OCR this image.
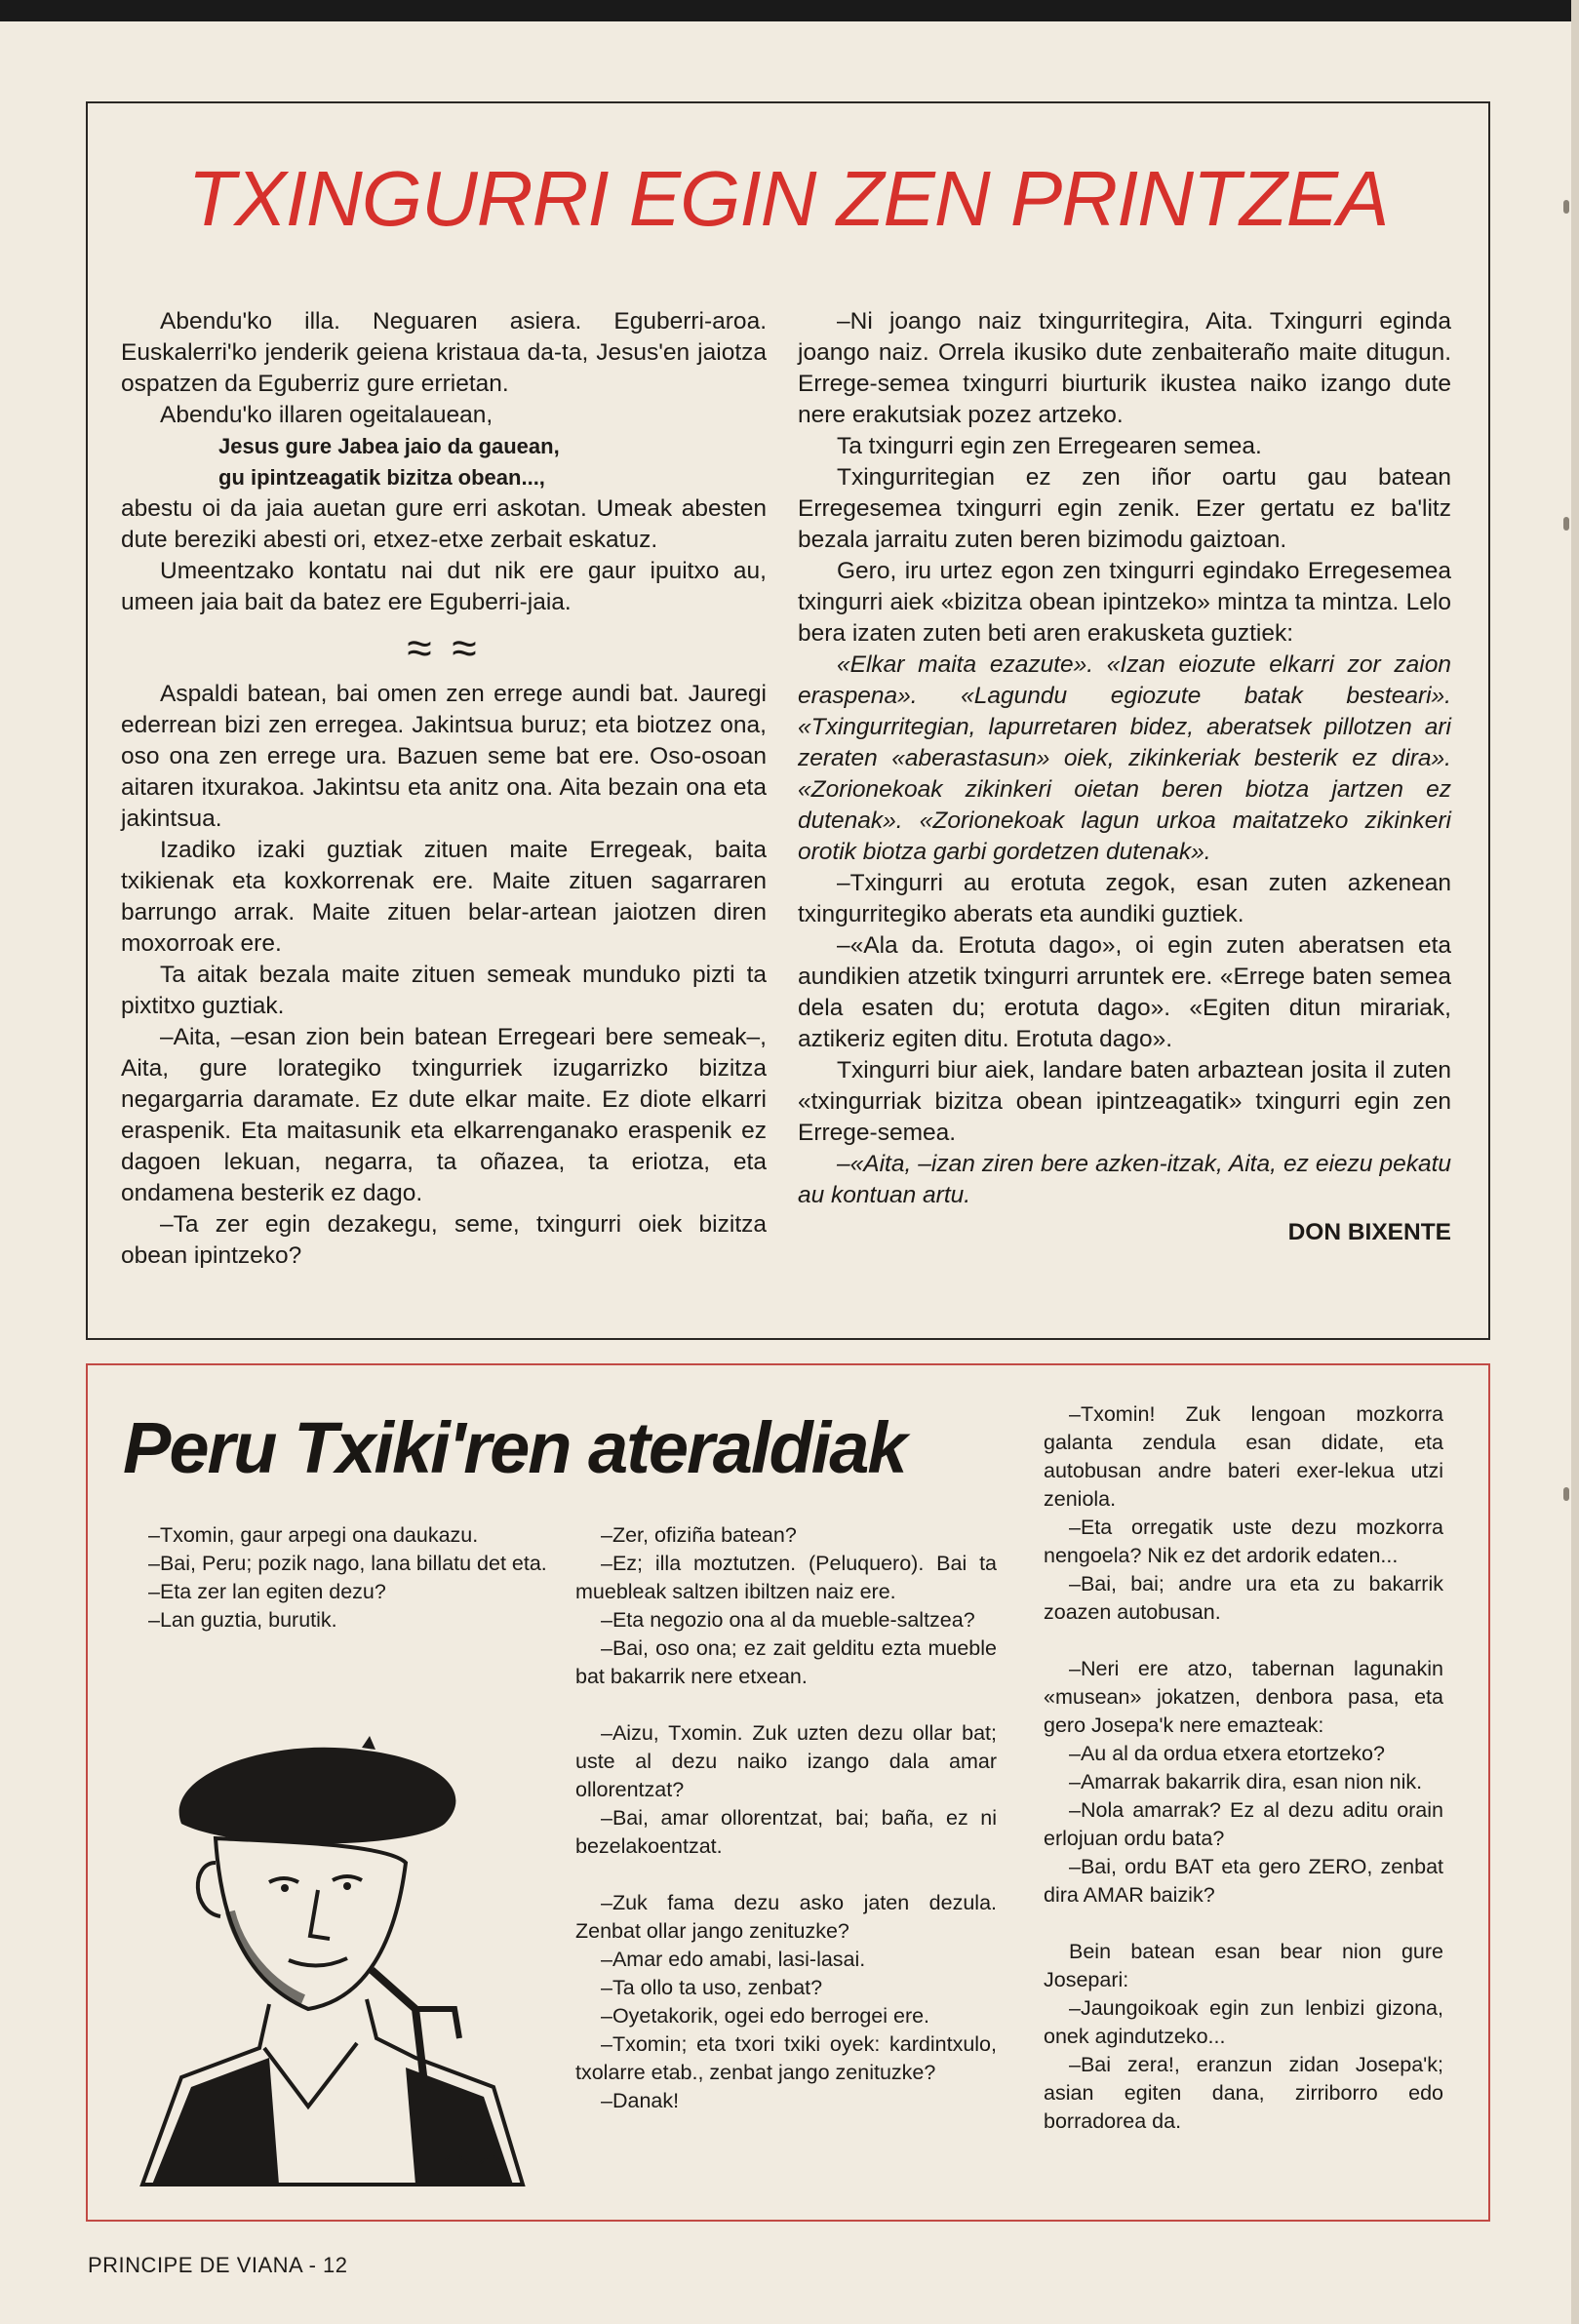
TXINGURRI EGIN ZEN PRINTZEA

Abendu'ko illa. Neguaren asiera. Eguberri-aroa. Euskalerri'ko jenderik geiena kristaua da-ta, Jesus'en jaiotza ospatzen da Eguberriz gure errietan.

Abendu'ko illaren ogeitalauean,

Jesus gure Jabea jaio da gauean,

gu ipintzeagatik bizitza obean...,

abestu oi da jaia auetan gure erri askotan. Umeak abesten dute bereziki abesti ori, etxez-etxe zerbait eskatuz.

Umeentzako kontatu nai dut nik ere gaur ipuitxo au, umeen jaia bait da batez ere Eguberri-jaia.

≈ ≈

Aspaldi batean, bai omen zen errege aundi bat. Jauregi ederrean bizi zen erregea. Jakintsua buruz; eta biotzez ona, oso ona zen errege ura. Bazuen seme bat ere. Oso-osoan aitaren itxurakoa. Jakintsu eta anitz ona. Aita bezain ona eta jakintsua.

Izadiko izaki guztiak zituen maite Erregeak, baita txikienak eta koxkorrenak ere. Maite zituen sagarraren barrungo arrak. Maite zituen belar-artean jaiotzen diren moxorroak ere.

Ta aitak bezala maite zituen semeak munduko pizti ta pixtitxo guztiak.

–Aita, –esan zion bein batean Erregeari bere semeak–, Aita, gure lorategiko txingurriek izugarrizko bizitza negargarria daramate. Ez dute elkar maite. Ez diote elkarri eraspenik. Eta maitasunik eta elkarrenganako eraspenik ez dagoen lekuan, negarra, ta oñazea, ta eriotza, eta ondamena besterik ez dago.

–Ta zer egin dezakegu, seme, txingurri oiek bizitza obean ipintzeko?

–Ni joango naiz txingurritegira, Aita. Txingurri eginda joango naiz. Orrela ikusiko dute zenbaiteraño maite ditugun. Errege-semea txingurri biurturik ikustea naiko izango dute nere erakutsiak pozez artzeko.

Ta txingurri egin zen Erregearen semea.

Txingurritegian ez zen iñor oartu gau batean Erregesemea txingurri egin zenik. Ezer gertatu ez ba'litz bezala jarraitu zuten beren bizimodu gaiztoan.

Gero, iru urtez egon zen txingurri egindako Erregesemea txingurri aiek «bizitza obean ipintzeko» mintza ta mintza. Lelo bera izaten zuten beti aren erakusketa guztiek:

«Elkar maita ezazute». «Izan eiozute elkarri zor zaion eraspena». «Lagundu egiozute batak besteari». «Txingurritegian, lapurretaren bidez, aberatsek pillotzen ari zeraten «aberastasun» oiek, zikinkeriak besterik ez dira». «Zorionekoak zikinkeri oietan beren biotza jartzen ez dutenak». «Zorionekoak lagun urkoa maitatzeko zikinkeri orotik biotza garbi gordetzen dutenak».

–Txingurri au erotuta zegok, esan zuten azkenean txingurritegiko aberats eta aundiki guztiek.

–«Ala da. Erotuta dago», oi egin zuten aberatsen eta aundikien atzetik txingurri arruntek ere. «Errege baten semea dela esaten du; erotuta dago». «Egiten ditun mirariak, aztikeriz egiten ditu. Erotuta dago».

Txingurri biur aiek, landare baten arbaztean josita il zuten «txingurriak bizitza obean ipintzeagatik» txingurri egin zen Errege-semea.

–«Aita, –izan ziren bere azken-itzak, Aita, ez eiezu pekatu au kontuan artu.

DON BIXENTE

Peru Txiki'ren ateraldiak

–Txomin, gaur arpegi ona daukazu.

–Bai, Peru; pozik nago, lana billatu det eta.

–Eta zer lan egiten dezu?

–Lan guztia, burutik.

–Zer, ofiziña batean?

–Ez; illa moztutzen. (Peluquero). Bai ta muebleak saltzen ibiltzen naiz ere.

–Eta negozio ona al da mueble-saltzea?

–Bai, oso ona; ez zait gelditu ezta mueble bat bakarrik nere etxean.

–Aizu, Txomin. Zuk uzten dezu ollar bat; uste al dezu naiko izango dala amar ollorentzat?

–Bai, amar ollorentzat, bai; baña, ez ni bezelakoentzat.

–Zuk fama dezu asko jaten dezula. Zenbat ollar jango zenituzke?

–Amar edo amabi, lasi-lasai.

–Ta ollo ta uso, zenbat?

–Oyetakorik, ogei edo berrogei ere.

–Txomin; eta txori txiki oyek: kardintxulo, txolarre etab., zenbat jango zenituzke?

–Danak!

–Txomin! Zuk lengoan mozkorra galanta zendula esan didate, eta autobusan andre bateri exer-lekua utzi zeniola.

–Eta orregatik uste dezu mozkorra nengoela? Nik ez det ardorik edaten...

–Bai, bai; andre ura eta zu bakarrik zoazen autobusan.

–Neri ere atzo, tabernan lagunakin «musean» jokatzen, denbora pasa, eta gero Josepa'k nere emazteak:

–Au al da ordua etxera etortzeko?

–Amarrak bakarrik dira, esan nion nik.

–Nola amarrak? Ez al dezu aditu orain erlojuan ordu bata?

–Bai, ordu BAT eta gero ZERO, zenbat dira AMAR baizik?

Bein batean esan bear nion gure Josepari:

–Jaungoikoak egin zun lenbizi gizona, onek agindutzeko...

–Bai zera!, eranzun zidan Josepa'k; asian egiten dana, zirriborro edo borradorea da.

PRINCIPE DE VIANA - 12
